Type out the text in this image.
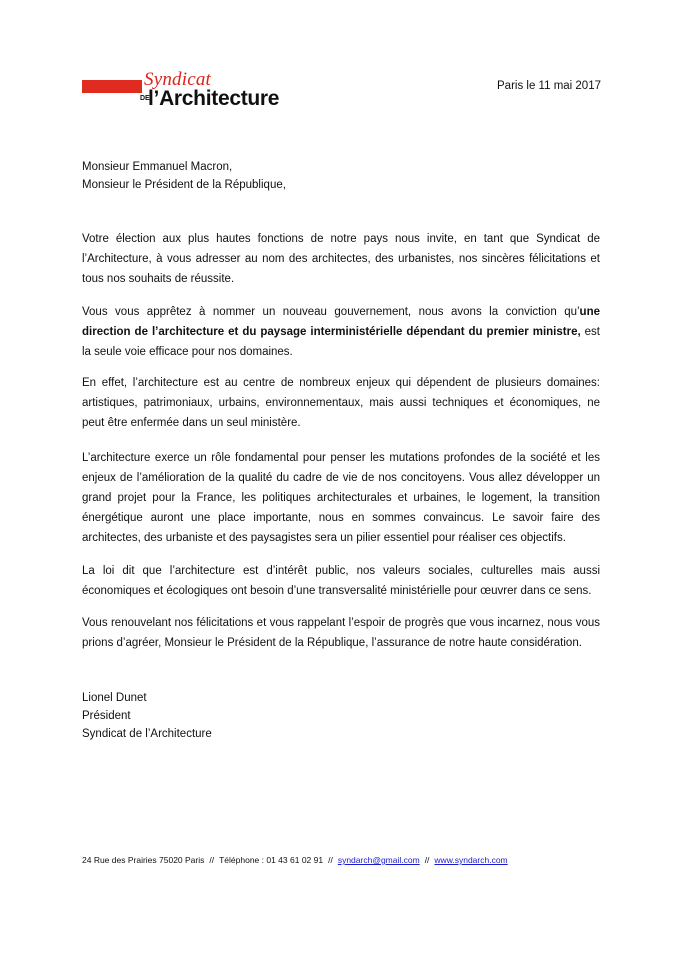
Syndicat
DE
l’Architecture
Paris le 11 mai 2017
Monsieur Emmanuel Macron,
Monsieur le Président de la République,

Votre élection aux plus hautes fonctions de notre pays nous invite, en tant que Syndicat de l’Architecture, à vous adresser au nom des architectes, des urbanistes, nos sincères félicitations et tous nos souhaits de réussite.

Vous vous apprêtez à nommer un nouveau gouvernement, nous avons la conviction qu’une direction de l’architecture et du paysage interministérielle dépendant du premier ministre, est la seule voie efficace pour nos domaines.

En effet, l’architecture est au centre de nombreux enjeux qui dépendent de plusieurs domaines: artistiques, patrimoniaux, urbains, environnementaux, mais aussi techniques et économiques, ne peut être enfermée dans un seul ministère.

L’architecture exerce un rôle fondamental pour penser les mutations profondes de la société et les enjeux de l’amélioration de la qualité du cadre de vie de nos concitoyens. Vous allez développer un grand projet pour la France, les politiques architecturales et urbaines, le logement, la transition énergétique auront une place importante, nous en sommes convaincus. Le savoir faire des architectes, des urbaniste et des paysagistes sera un pilier essentiel pour réaliser ces objectifs.

La loi dit que l’architecture est d’intérêt public, nos valeurs sociales, culturelles mais aussi économiques et écologiques ont besoin d’une transversalité ministérielle pour œuvrer dans ce sens.

Vous renouvelant nos félicitations et vous rappelant l’espoir de progrès que vous incarnez, nous vous prions d’agréer, Monsieur le Président de la République, l’assurance de notre haute considération.

Lionel Dunet
Président
Syndicat de l’Architecture
24 Rue des Prairies 75020 Paris // Téléphone : 01 43 61 02 91 // syndarch@gmail.com // www.syndarch.com
